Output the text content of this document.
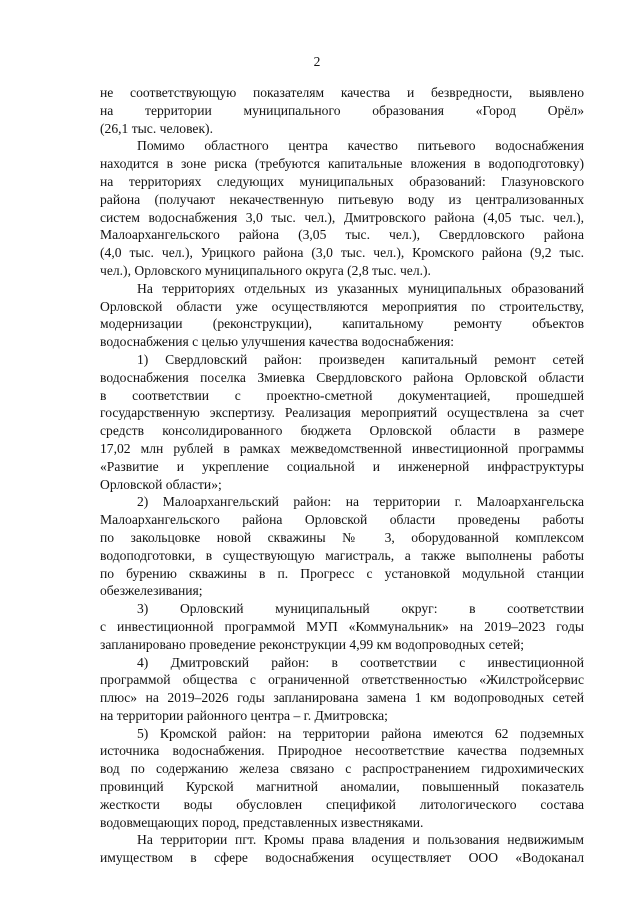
2
не соответствующую показателям качества и безвредности, выявлено
на территории муниципального образования «Город Орёл»
(26,1 тыс. человек).
Помимо областного центра качество питьевого водоснабжения
находится в зоне риска (требуются капитальные вложения в водоподготовку)
на территориях следующих муниципальных образований: Глазуновского
района (получают некачественную питьевую воду из централизованных
систем водоснабжения 3,0 тыс. чел.), Дмитровского района (4,05 тыс. чел.),
Малоархангельского района (3,05 тыс. чел.), Свердловского района
(4,0 тыс. чел.), Урицкого района (3,0 тыс. чел.), Кромского района (9,2 тыс.
чел.), Орловского муниципального округа (2,8 тыс. чел.).
На территориях отдельных из указанных муниципальных образований
Орловской области уже осуществляются мероприятия по строительству,
модернизации (реконструкции), капитальному ремонту объектов
водоснабжения с целью улучшения качества водоснабжения:
1) Свердловский район: произведен капитальный ремонт сетей
водоснабжения поселка Змиевка Свердловского района Орловской области
в соответствии с проектно-сметной документацией, прошедшей
государственную экспертизу. Реализация мероприятий осуществлена за счет
средств консолидированного бюджета Орловской области в размере
17,02 млн рублей в рамках межведомственной инвестиционной программы
«Развитие и укрепление социальной и инженерной инфраструктуры
Орловской области»;
2) Малоархангельский район: на территории г. Малоархангельска
Малоархангельского района Орловской области проведены работы
по закольцовке новой скважины № 3, оборудованной комплексом
водоподготовки, в существующую магистраль, а также выполнены работы
по бурению скважины в п. Прогресс с установкой модульной станции
обезжелезивания;
3) Орловский муниципальный округ: в соответствии
с инвестиционной программой МУП «Коммунальник» на 2019–2023 годы
запланировано проведение реконструкции 4,99 км водопроводных сетей;
4) Дмитровский район: в соответствии с инвестиционной
программой общества с ограниченной ответственностью «Жилстройсервис
плюс» на 2019–2026 годы запланирована замена 1 км водопроводных сетей
на территории районного центра – г. Дмитровска;
5) Кромской район: на территории района имеются 62 подземных
источника водоснабжения. Природное несоответствие качества подземных
вод по содержанию железа связано с распространением гидрохимических
провинций Курской магнитной аномалии, повышенный показатель
жесткости воды обусловлен спецификой литологического состава
водовмещающих пород, представленных известняками.
На территории пгт. Кромы права владения и пользования недвижимым
имуществом в сфере водоснабжения осуществляет ООО «Водоканал
